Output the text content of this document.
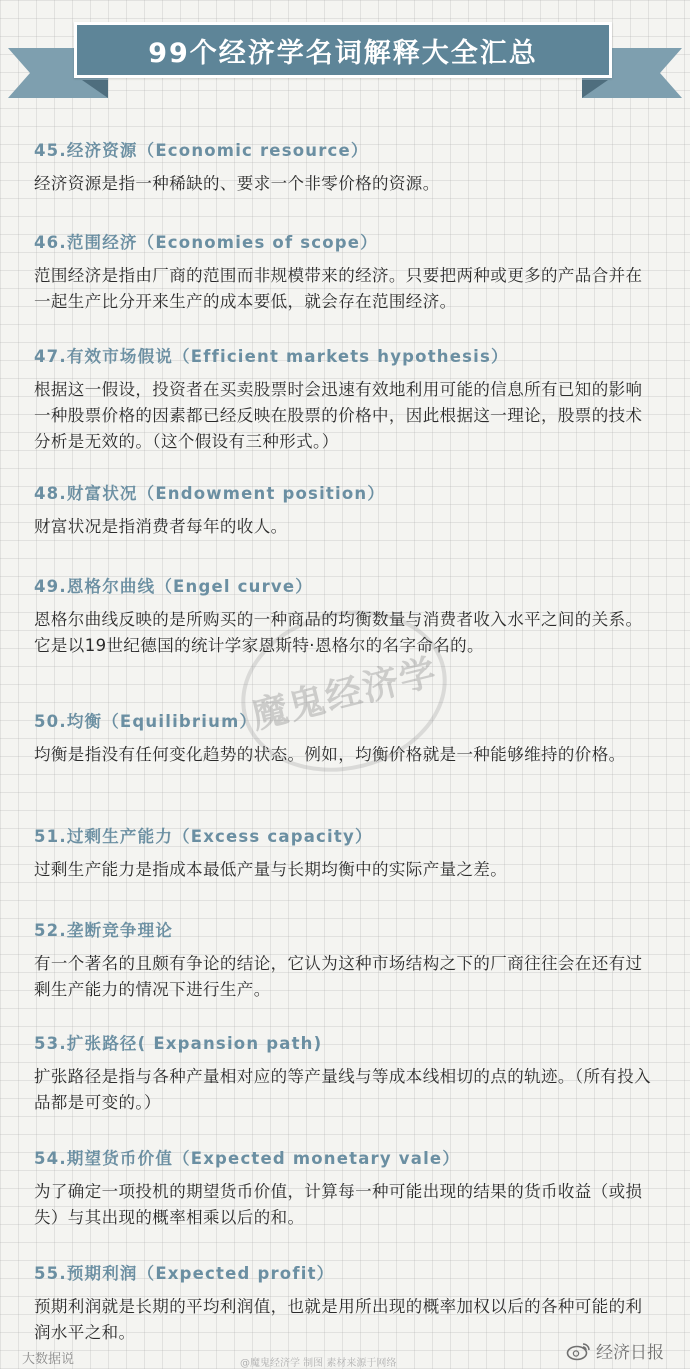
99个经济学名词解释大全汇总
魔鬼经济学
45.经济资源（Economic resource）
经济资源是指一种稀缺的、要求一个非零价格的资源。
46.范围经济（Economies of scope）
范围经济是指由厂商的范围而非规模带来的经济。只要把两种或更多的产品合并在一起生产比分开来生产的成本要低，就会存在范围经济。
47.有效市场假说（Efficient markets hypothesis）
根据这一假设，投资者在买卖股票时会迅速有效地利用可能的信息所有已知的影响一种股票价格的因素都已经反映在股票的价格中，因此根据这一理论，股票的技术分析是无效的。（这个假设有三种形式。）
48.财富状况（Endowment position）
财富状况是指消费者每年的收人。
49.恩格尔曲线（Engel curve）
恩格尔曲线反映的是所购买的一种商品的均衡数量与消费者收入水平之间的关系。它是以19世纪德国的统计学家恩斯特·恩格尔的名字命名的。
50.均衡（Equilibrium）
均衡是指没有任何变化趋势的状态。例如，均衡价格就是一种能够维持的价格。
51.过剩生产能力（Excess capacity）
过剩生产能力是指成本最低产量与长期均衡中的实际产量之差。
52.垄断竞争理论
有一个著名的且颇有争论的结论，它认为这种市场结构之下的厂商往往会在还有过剩生产能力的情况下进行生产。
53.扩张路径( Expansion path)
扩张路径是指与各种产量相对应的等产量线与等成本线相切的点的轨迹。（所有投入品都是可变的。）
54.期望货币价值（Expected monetary vale）
为了确定一项投机的期望货币价值，计算每一种可能出现的结果的货币收益（或损失）与其出现的概率相乘以后的和。
55.预期利润（Expected profit）
预期利润就是长期的平均利润值，也就是用所出现的概率加权以后的各种可能的利润水平之和。
大数据说	@魔鬼经济学 制图 素材来源于网络
经济日报
